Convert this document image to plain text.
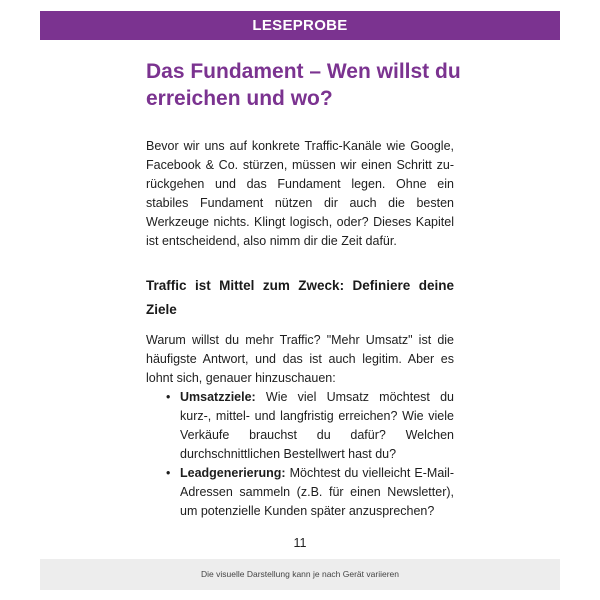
LESEPROBE
Das Fundament – Wen willst du erreichen und wo?

Bevor wir uns auf konkrete Traffic-Kanäle wie Google, Facebook & Co. stürzen, müssen wir einen Schritt zurückgehen und das Fundament legen. Ohne ein stabiles Fundament nützen dir auch die besten Werkzeuge nichts. Klingt logisch, oder? Dieses Kapitel ist entscheidend, also nimm dir die Zeit dafür.

Traffic ist Mittel zum Zweck: Definiere deine Ziele

Warum willst du mehr Traffic? "Mehr Umsatz" ist die häufigste Antwort, und das ist auch legitim. Aber es lohnt sich, genauer hinzuschauen:

• Umsatzziele: Wie viel Umsatz möchtest du kurz-, mittel- und langfristig erreichen? Wie viele Verkäufe brauchst du dafür? Welchen durchschnittlichen Bestellwert hast du?
• Leadgenerierung: Möchtest du vielleicht E-Mail-Adressen sammeln (z.B. für einen Newsletter), um potenzielle Kunden später anzusprechen?
11
Die visuelle Darstellung kann je nach Gerät variieren
